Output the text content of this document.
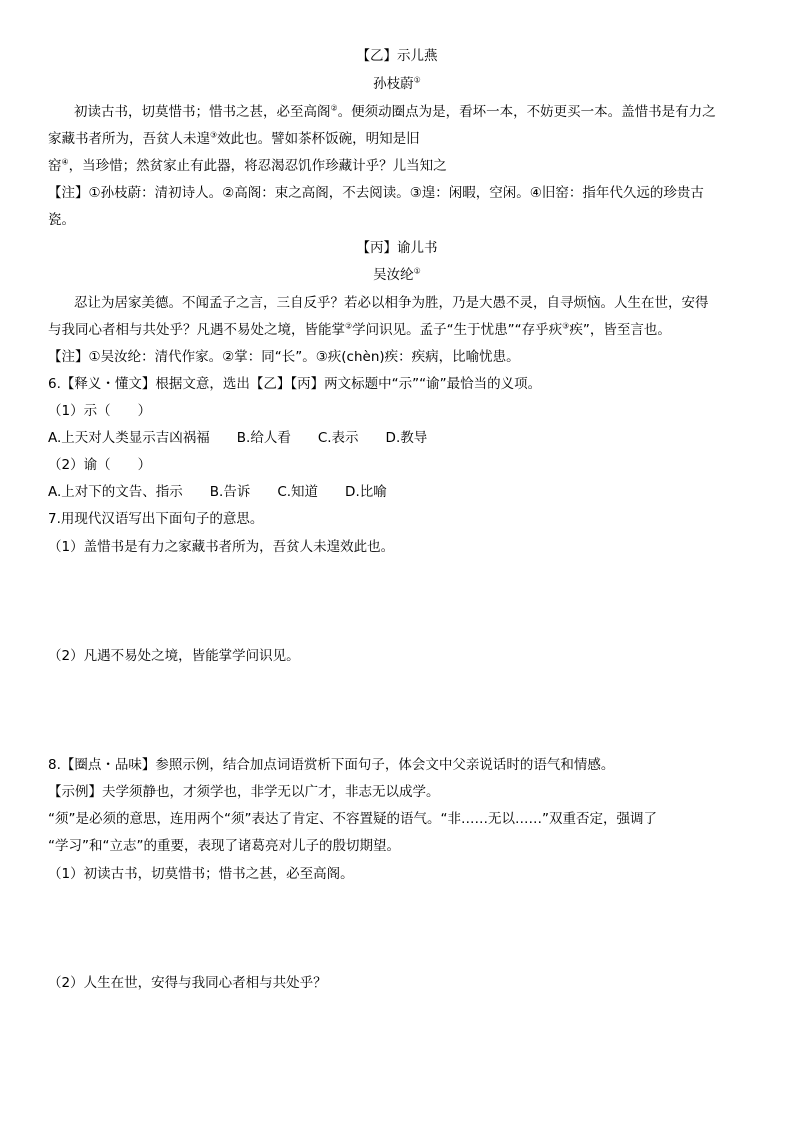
【乙】示儿燕
孙枝蔚①
初读古书，切莫惜书；惜书之甚，必至高阁②。便须动圈点为是，看坏一本，不妨更买一本。盖惜书是有力之
家藏书者所为，吾贫人未遑③效此也。譬如茶杯饭碗，明知是旧
窑④，当珍惜；然贫家止有此器，将忍渴忍饥作珍藏计乎？儿当知之
【注】①孙枝蔚：清初诗人。②高阁：束之高阁，不去阅读。③遑：闲暇，空闲。④旧窑：指年代久远的珍贵古
瓷。
【丙】谕儿书
吴汝纶①
忍让为居家美德。不闻孟子之言，三自反乎？若必以相争为胜，乃是大愚不灵，自寻烦恼。人生在世，安得
与我同心者相与共处乎？凡遇不易处之境，皆能掌②学问识见。孟子“生于忧患”“存乎疢③疾”，皆至言也。
【注】①吴汝纶：清代作家。②掌：同“长”。③疢(chèn)疾：疾病，比喻忧患。
6.【释义・懂文】根据文意，选出【乙】【丙】两文标题中“示”“谕”最恰当的义项。
（1）示（　　）
A.上天对人类显示吉凶祸福　　B.给人看　　C.表示　　D.教导
（2）谕（　　）
A.上对下的文告、指示　　B.告诉　　C.知道　　D.比喻
7.用现代汉语写出下面句子的意思。
（1）盖惜书是有力之家藏书者所为，吾贫人未遑效此也。
（2）凡遇不易处之境，皆能掌学问识见。
8.【圈点・品味】参照示例，结合加点词语赏析下面句子，体会文中父亲说话时的语气和情感。
【示例】夫学须静也，才须学也，非学无以广才，非志无以成学。
“须”是必须的意思，连用两个“须”表达了肯定、不容置疑的语气。“非……无以……”双重否定，强调了
“学习”和“立志”的重要，表现了诸葛亮对儿子的殷切期望。
（1）初读古书，切莫惜书；惜书之甚，必至高阁。
（2）人生在世，安得与我同心者相与共处乎？
